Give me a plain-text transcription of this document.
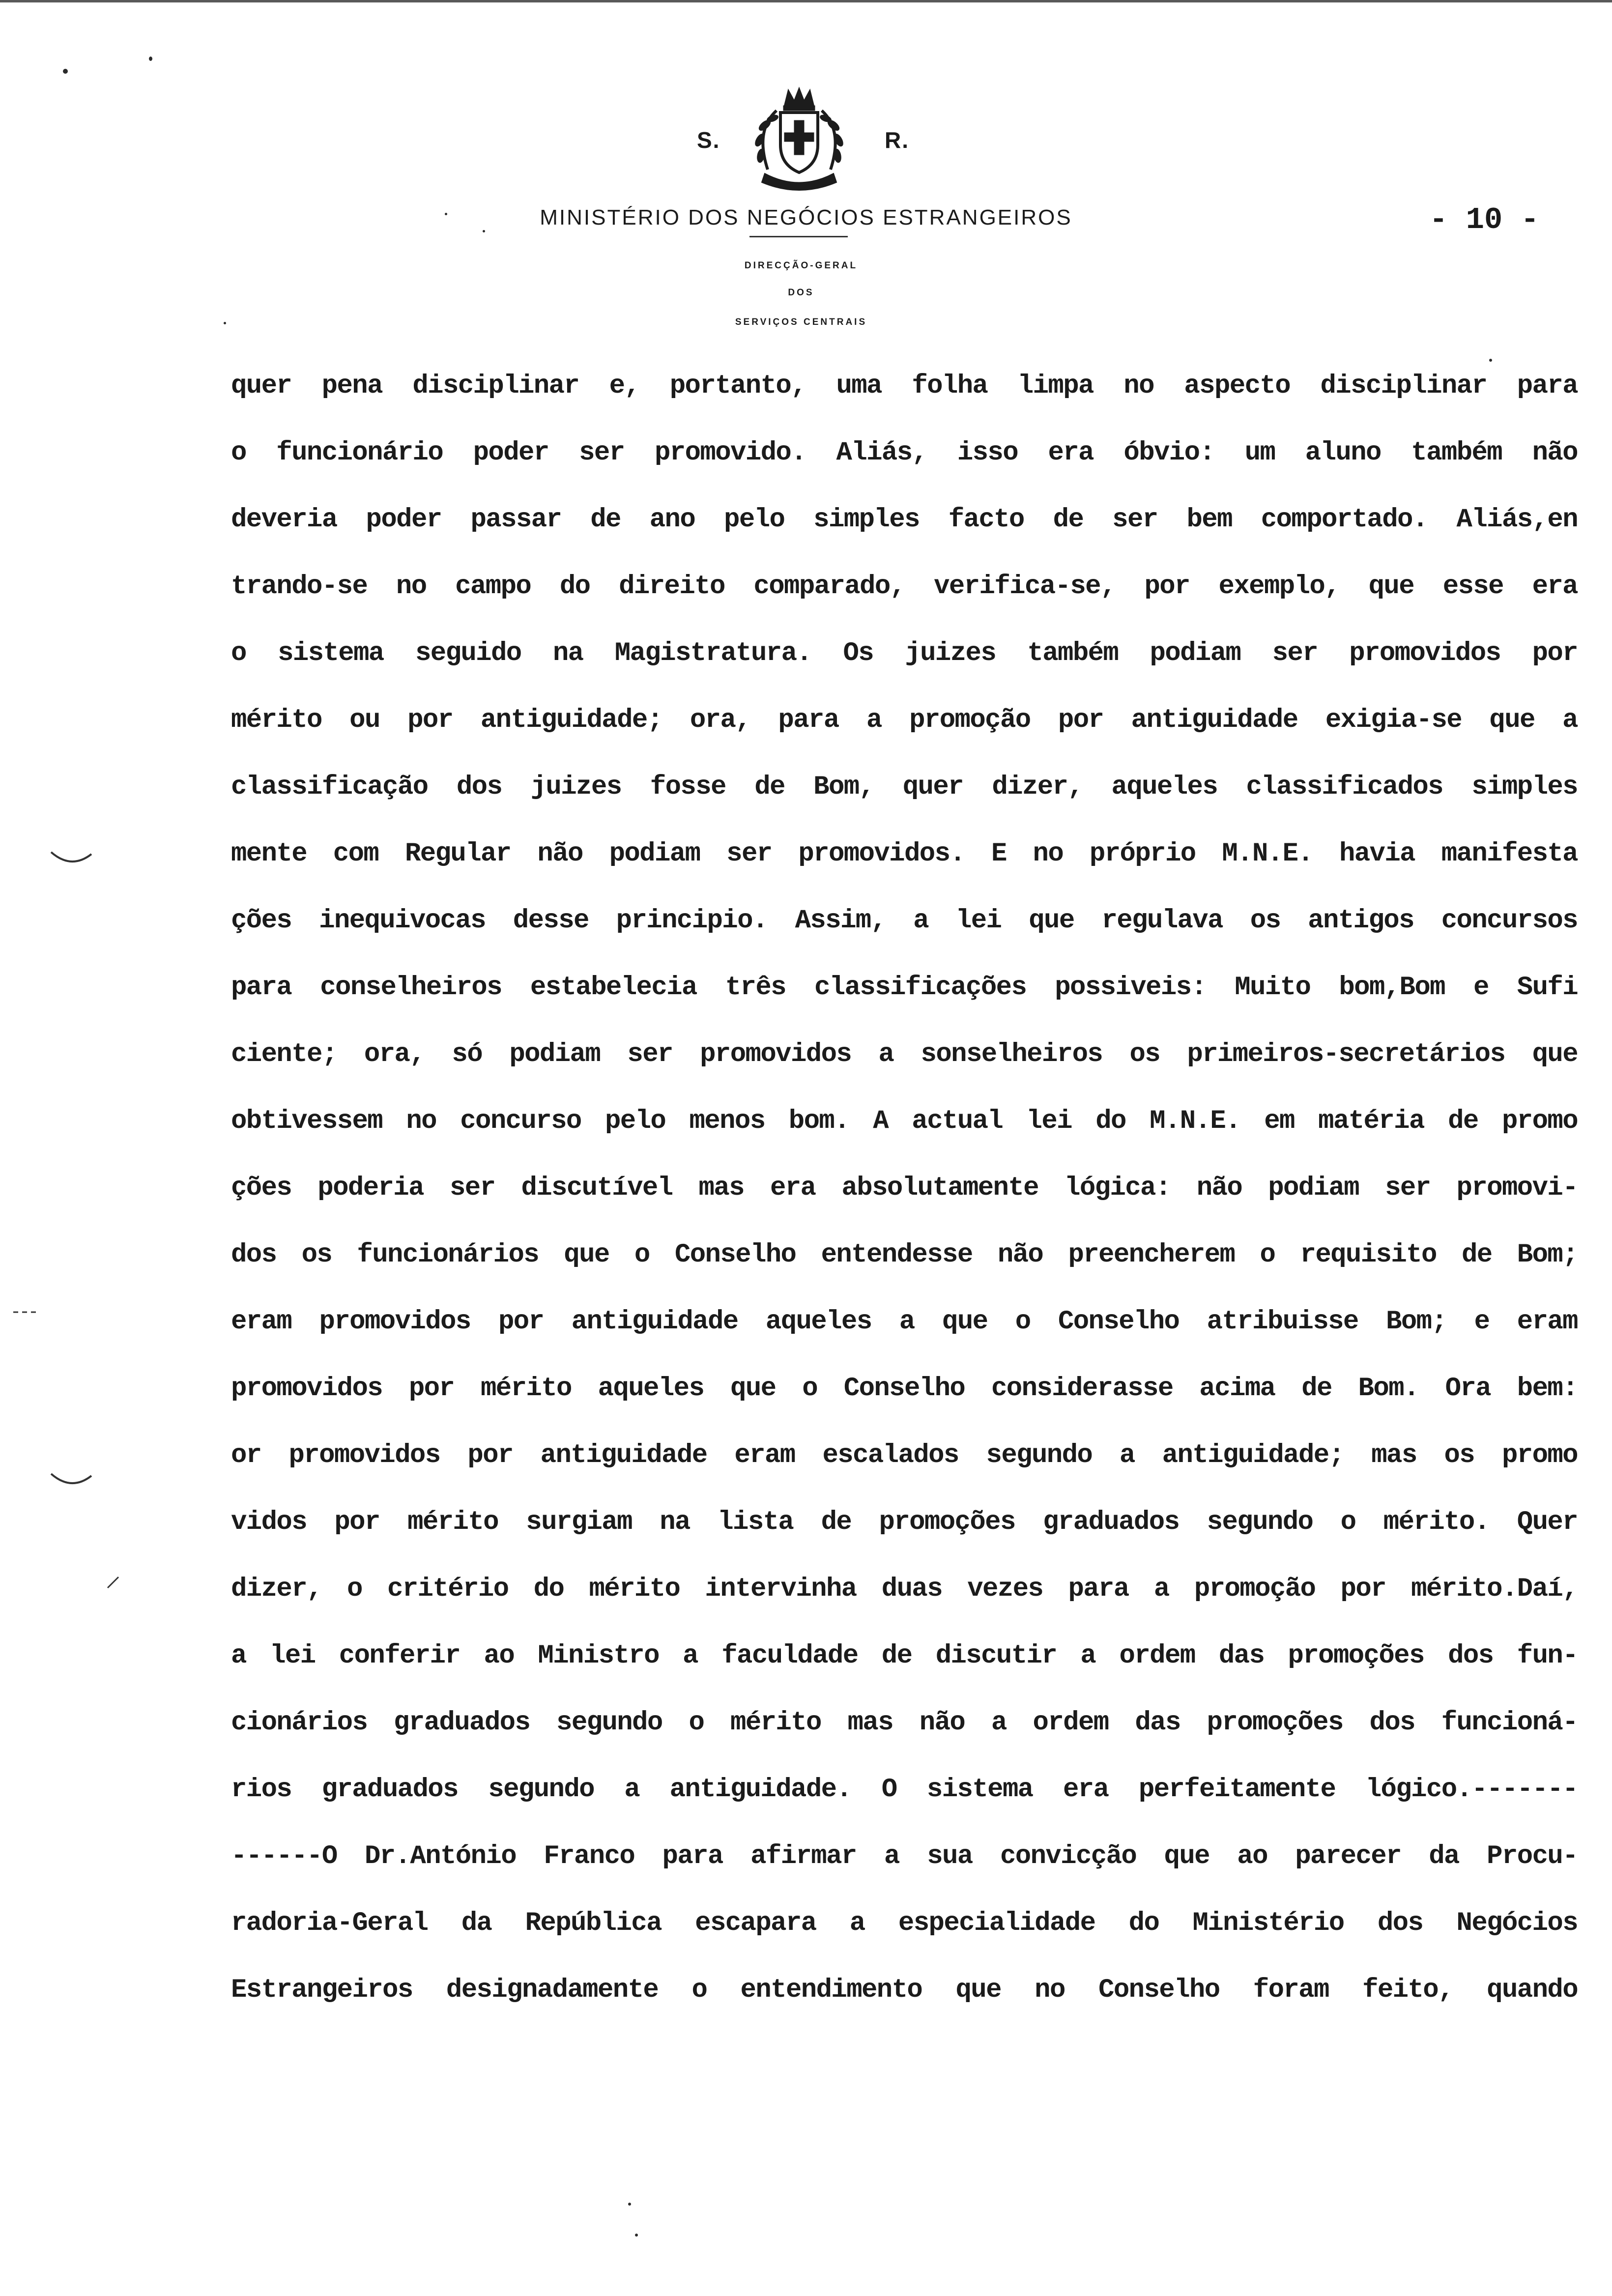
S.	R.
MINISTÉRIO DOS NEGÓCIOS ESTRANGEIROS
DIRECÇÃO-GERAL
DOS
SERVIÇOS CENTRAIS
- 10 -
quer pena disciplinar e, portanto, uma folha limpa no aspecto disciplinar para
o funcionário poder ser promovido. Aliás, isso era óbvio: um aluno também não
deveria poder passar de ano pelo simples facto de ser bem comportado. Aliás,en
trando-se no campo do direito comparado, verifica-se, por exemplo, que esse era
o sistema seguido na Magistratura. Os juizes também podiam ser promovidos por
mérito ou por antiguidade; ora, para a promoção por antiguidade exigia-se que a
classificação dos juizes fosse de Bom, quer dizer, aqueles classificados simples
mente com Regular não podiam ser promovidos. E no próprio M.N.E. havia manifesta
ções inequivocas desse principio. Assim, a lei que regulava os antigos concursos
para conselheiros estabelecia três classificações possiveis: Muito bom,Bom e Sufi
ciente; ora, só podiam ser promovidos a sonselheiros os primeiros-secretários que
obtivessem no concurso pelo menos bom. A actual lei do M.N.E. em matéria de promo
ções poderia ser discutível mas era absolutamente lógica: não podiam ser promovi-
dos os funcionários que o Conselho entendesse não preencherem o requisito de Bom;
eram promovidos por antiguidade aqueles a que o Conselho atribuisse Bom; e eram
promovidos por mérito aqueles que o Conselho considerasse acima de Bom. Ora bem:
or promovidos por antiguidade eram escalados segundo a antiguidade; mas os promo
vidos por mérito surgiam na lista de promoções graduados segundo o mérito. Quer
dizer, o critério do mérito intervinha duas vezes para a promoção por mérito.Daí,
a lei conferir ao Ministro a faculdade de discutir a ordem das promoções dos fun-
cionários graduados segundo o mérito mas não a ordem das promoções dos funcioná-
rios graduados segundo a antiguidade. O sistema era perfeitamente lógico.-------
------O Dr.António Franco para afirmar a sua convicção que ao parecer da Procu-
radoria-Geral da República escapara a especialidade do Ministério dos Negócios
Estrangeiros designadamente o entendimento que no Conselho foram feito, quando
